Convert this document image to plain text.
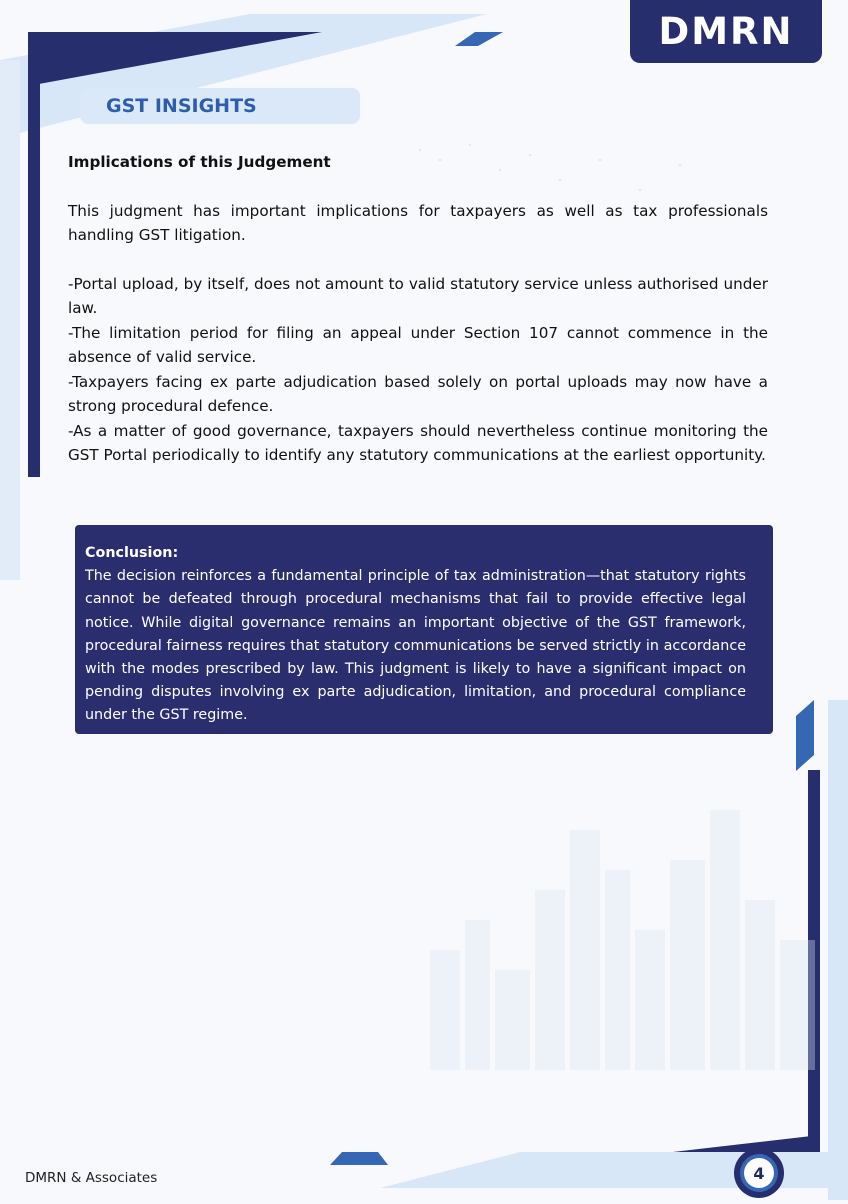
DMRN
GST INSIGHTS
Implications of this Judgement

This judgment has important implications for taxpayers as well as tax professionals handling GST litigation.

-Portal upload, by itself, does not amount to valid statutory service unless authorised under law.

-The limitation period for filing an appeal under Section 107 cannot commence in the absence of valid service.

-Taxpayers facing ex parte adjudication based solely on portal uploads may now have a strong procedural defence.

-As a matter of good governance, taxpayers should nevertheless continue monitoring the GST Portal periodically to identify any statutory communications at the earliest opportunity.

Conclusion:
The decision reinforces a fundamental principle of tax administration—that statutory rights cannot be defeated through procedural mechanisms that fail to provide effective legal notice. While digital governance remains an important objective of the GST framework, procedural fairness requires that statutory communications be served strictly in accordance with the modes prescribed by law. This judgment is likely to have a significant impact on pending disputes involving ex parte adjudication, limitation, and procedural compliance under the GST regime.
DMRN & Associates	4
